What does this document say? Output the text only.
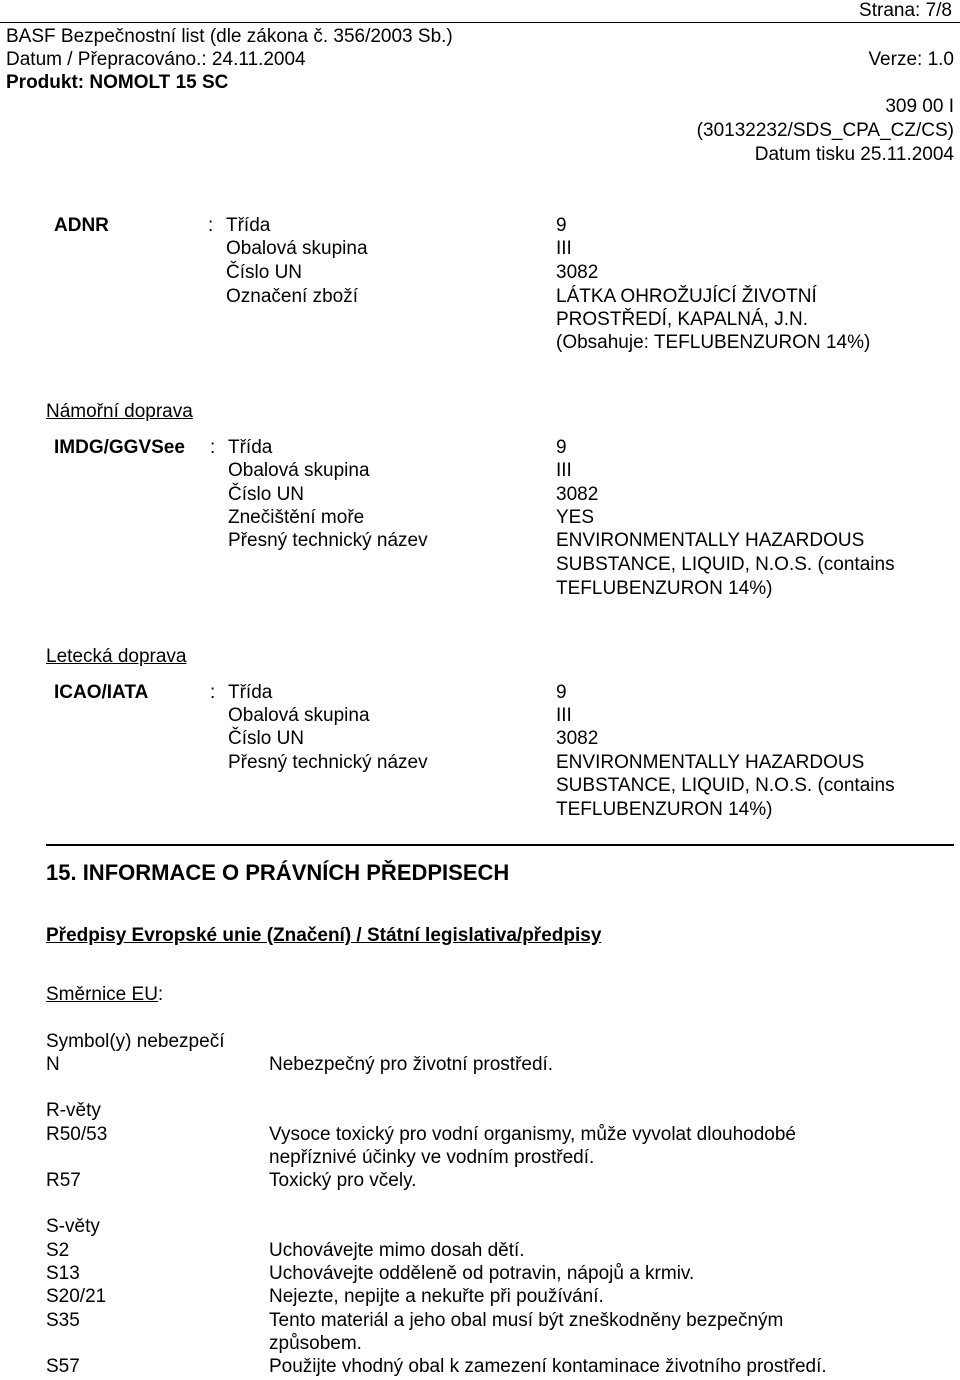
Strana: 7/8
BASF Bezpečnostní list (dle zákona č. 356/2003 Sb.)
Datum / Přepracováno.: 24.11.2004	Verze: 1.0
Produkt: NOMOLT 15 SC
309 00 I
(30132232/SDS_CPA_CZ/CS)
Datum tisku 25.11.2004
ADNR	: Třída	9
Obalová skupina	III
Číslo UN	3082
Označení zboží	LÁTKA OHROŽUJÍCÍ ŽIVOTNÍ
PROSTŘEDÍ, KAPALNÁ, J.N.
(Obsahuje: TEFLUBENZURON 14%)
Námořní doprava
IMDG/GGVSee : Třída	9
Obalová skupina	III
Číslo UN	3082
Znečištění moře	YES
Přesný technický název	ENVIRONMENTALLY HAZARDOUS
SUBSTANCE, LIQUID, N.O.S. (contains
TEFLUBENZURON 14%)
Letecká doprava
ICAO/IATA	: Třída	9
Obalová skupina	III
Číslo UN	3082
Přesný technický název	ENVIRONMENTALLY HAZARDOUS
SUBSTANCE, LIQUID, N.O.S. (contains
TEFLUBENZURON 14%)
15. INFORMACE O PRÁVNÍCH PŘEDPISECH
Předpisy Evropské unie (Značení) / Státní legislativa/předpisy
Směrnice EU:
Symbol(y) nebezpečí
N	Nebezpečný pro životní prostředí.
R-věty
R50/53	Vysoce toxický pro vodní organismy, může vyvolat dlouhodobé
nepříznivé účinky ve vodním prostředí.
R57	Toxický pro včely.
S-věty
S2	Uchovávejte mimo dosah dětí.
S13	Uchovávejte odděleně od potravin, nápojů a krmiv.
S20/21	Nejezte, nepijte a nekuřte při používání.
S35	Tento materiál a jeho obal musí být zneškodněny bezpečným
způsobem.
S57	Použijte vhodný obal k zamezení kontaminace životního prostředí.
